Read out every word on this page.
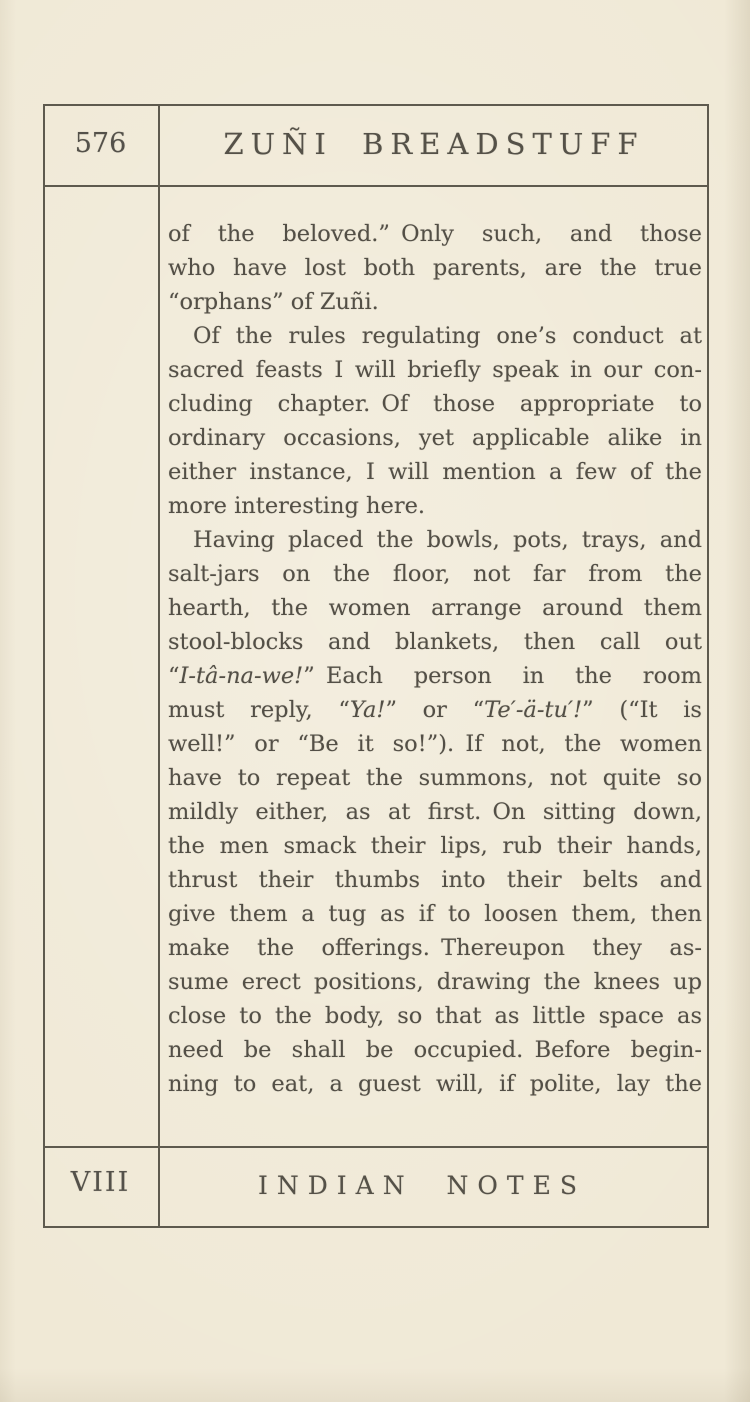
576	ZUÑI BREADSTUFF
of the beloved.” Only such, and those
who have lost both parents, are the true
“orphans” of Zuñi.
Of the rules regulating one’s conduct at
sacred feasts I will briefly speak in our con-
cluding chapter. Of those appropriate to
ordinary occasions, yet applicable alike in
either instance, I will mention a few of the
more interesting here.
Having placed the bowls, pots, trays, and
salt-jars on the floor, not far from the
hearth, the women arrange around them
stool-blocks and blankets, then call out
“I-tâ-na-we!” Each person in the room
must reply, “Ya!” or “Te′-ä-tu′!” (“It is
well!” or “Be it so!”). If not, the women
have to repeat the summons, not quite so
mildly either, as at first. On sitting down,
the men smack their lips, rub their hands,
thrust their thumbs into their belts and
give them a tug as if to loosen them, then
make the offerings. Thereupon they as-
sume erect positions, drawing the knees up
close to the body, so that as little space as
need be shall be occupied. Before begin-
ning to eat, a guest will, if polite, lay the
VIII	INDIAN NOTES
